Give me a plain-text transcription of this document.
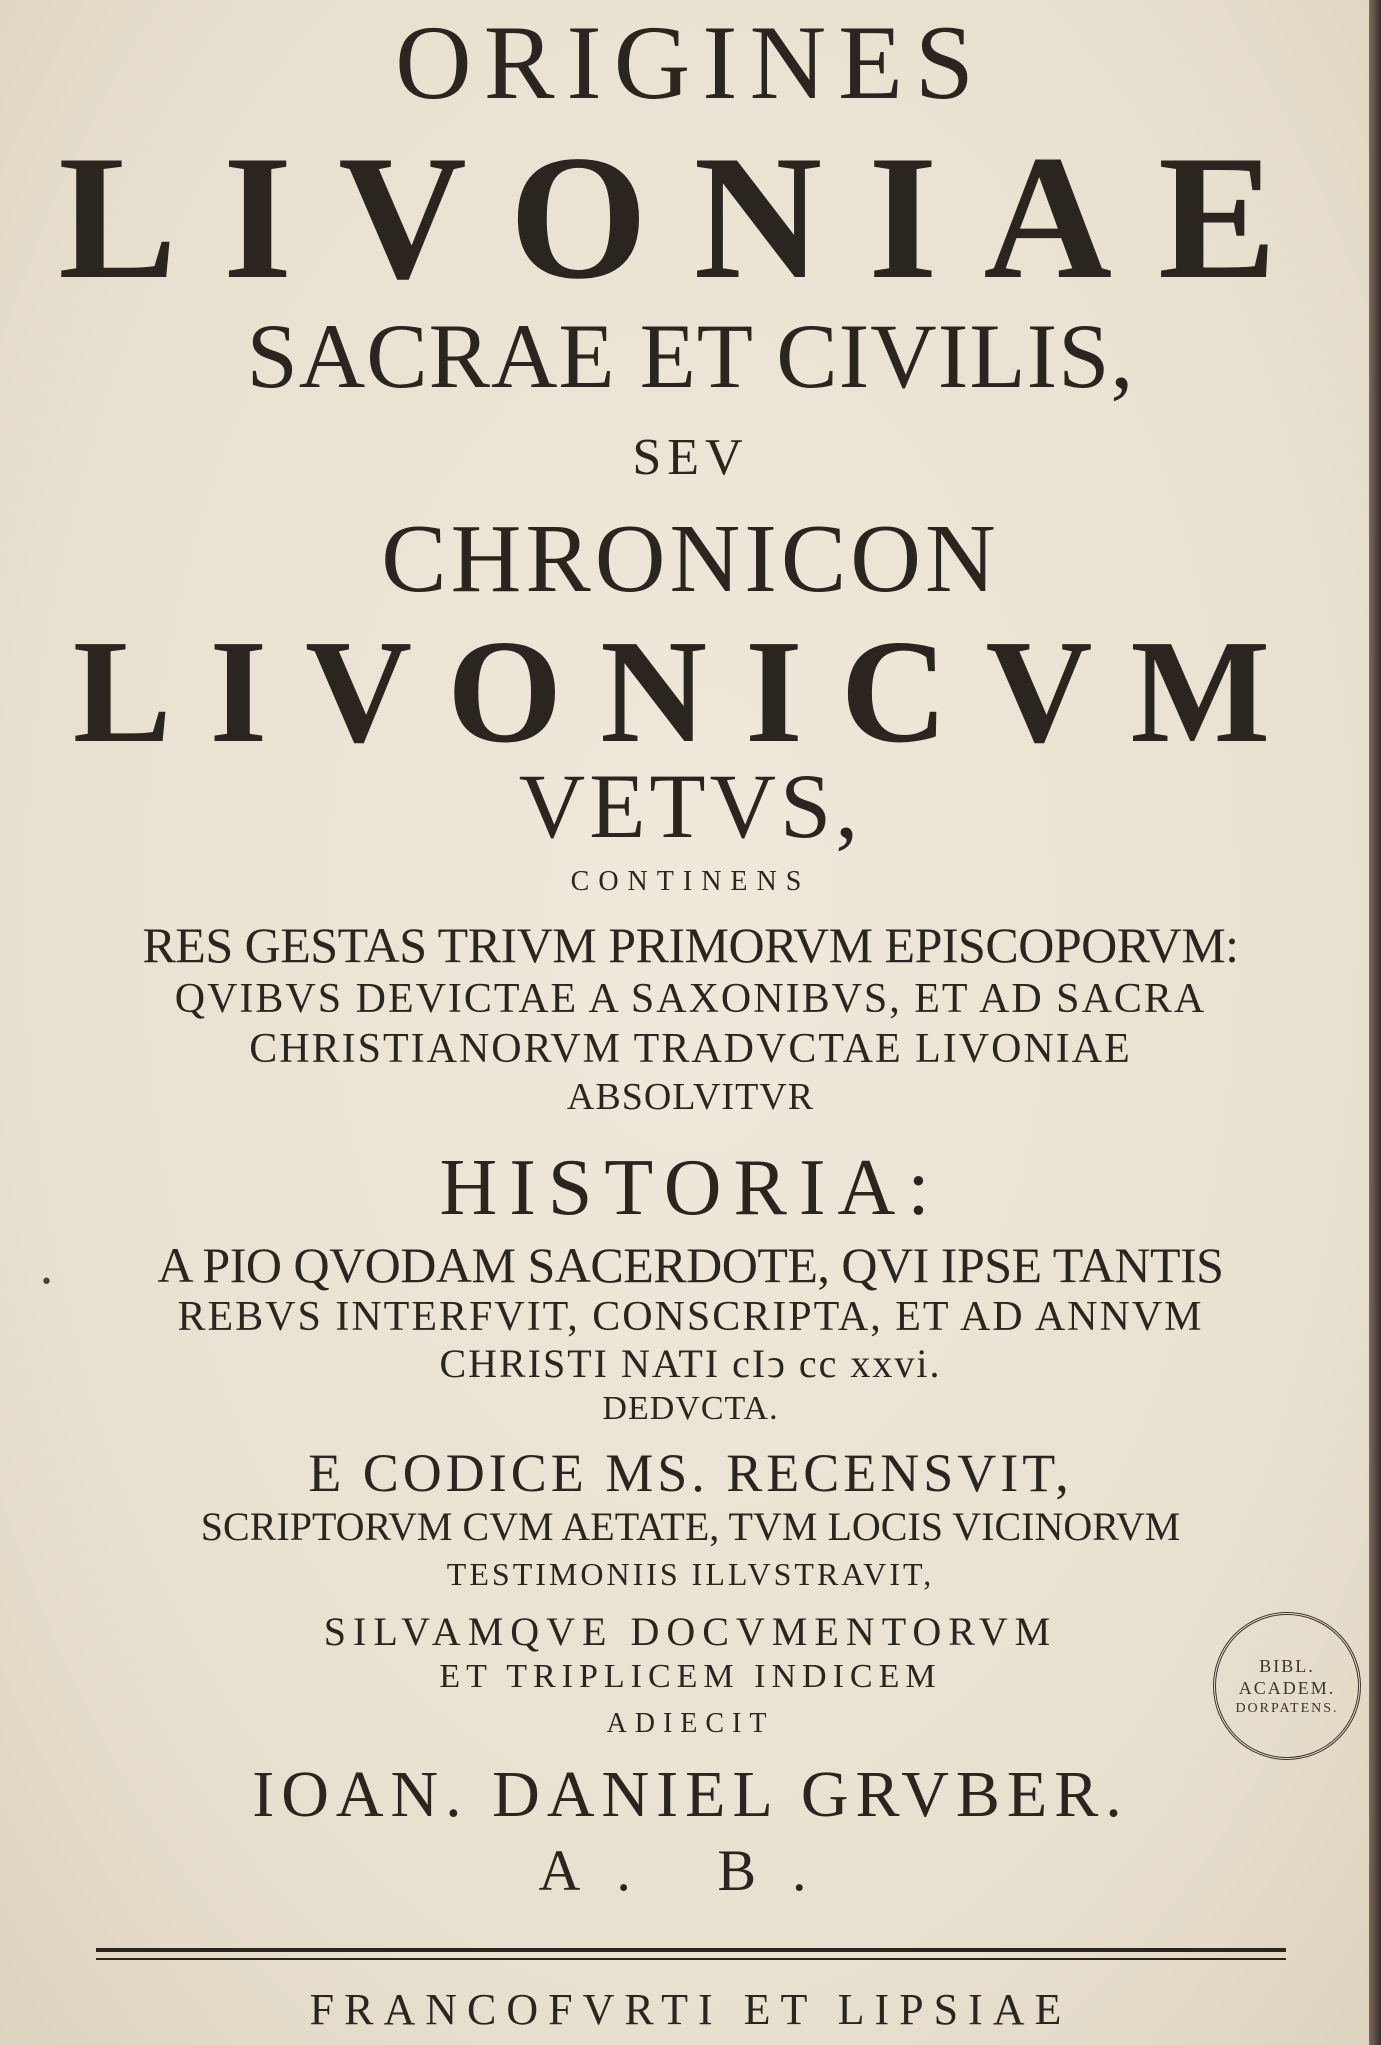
ORIGINES
LIVONIAE
SACRAE ET CIVILIS,
SEV
CHRONICON
LIVONICVM
VETVS,
CONTINENS
RES GESTAS TRIVM PRIMORVM EPISCOPORVM:
QVIBVS DEVICTAE A SAXONIBVS, ET AD SACRA
CHRISTIANORVM TRADVCTAE LIVONIAE
ABSOLVITVR
HISTORIA:
A PIO QVODAM SACERDOTE, QVI IPSE TANTIS
REBVS INTERFVIT, CONSCRIPTA, ET AD ANNVM
CHRISTI NATI cIↄ cc xxvi.
DEDVCTA.
E CODICE MS. RECENSVIT,
SCRIPTORVM CVM AETATE, TVM LOCIS VICINORVM
TESTIMONIIS ILLVSTRAVIT,
SILVAMQVE DOCVMENTORVM
ET TRIPLICEM INDICEM
ADIECIT
IOAN. DANIEL GRVBER.
A. B.
FRANCOFVRTI ET LIPSIAE
BIBL.
ACADEM.
DORPATENS.
•
